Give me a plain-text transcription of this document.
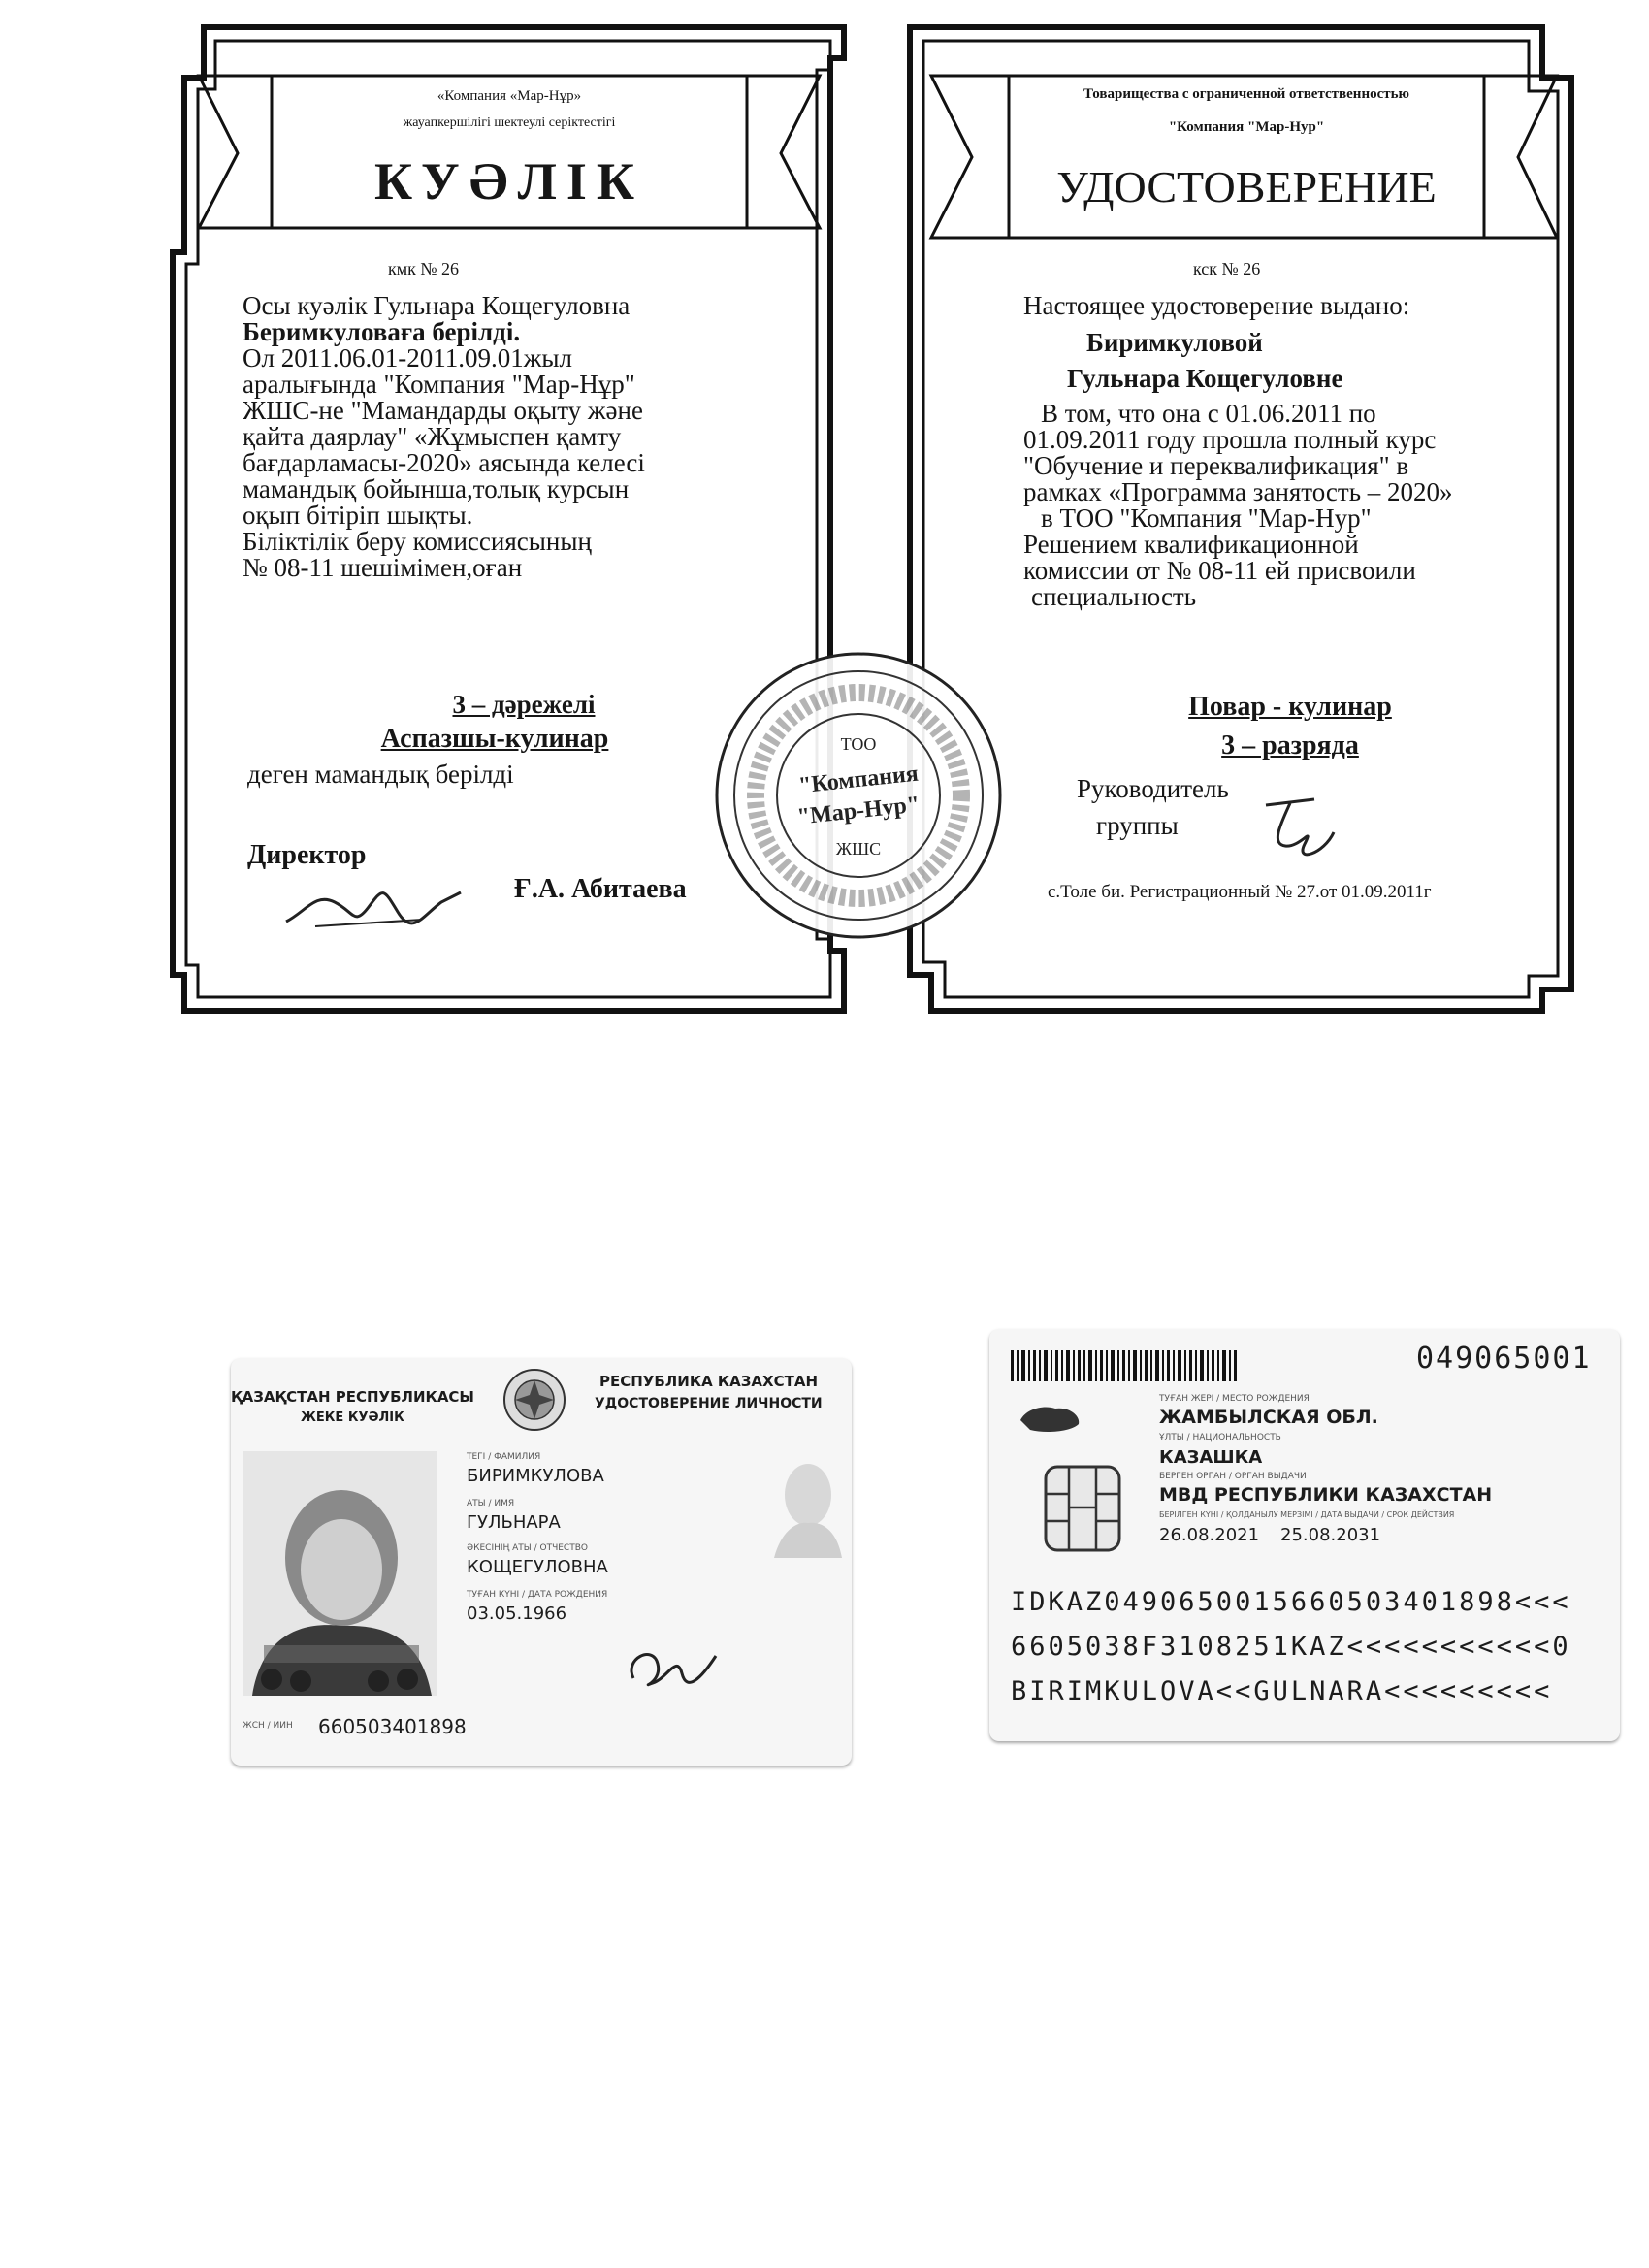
«Компания «Мар-Нұр»
жауапкершілігі шектеулі серіктестігі
КУӘЛІК
кмк № 26
Осы куәлік Гульнара Кощегуловна
Беримкуловаға берілді.
Ол 2011.06.01-2011.09.01жыл
аралығында "Компания "Мар-Нұр"
ЖШС-не "Мамандарды оқыту және
қайта даярлау" «Жұмыспен қамту
бағдарламасы-2020» аясында келесі
мамандық бойынша,толық курсын
оқып бітіріп шықты.
Біліктілік беру комиссиясының
№ 08-11 шешімімен,оған
3 – дәрежелі
Аспазшы-кулинар
деген мамандық берілді
Директор
Ғ.А. Абитаева
Товарищества с ограниченной ответственностью
"Компания "Мар-Нур"
УДОСТОВЕРЕНИЕ
кск № 26
Настоящее удостоверение выдано:
Биримкуловой
Гульнара Кощегуловне
В том, что она с 01.06.2011 по
01.09.2011 году прошла полный курс
"Обучение и переквалификация" в
рамках «Программа занятость – 2020»
в ТОО "Компания "Мар-Нур"
Решением квалификационной
комиссии от № 08-11 ей присвоили
специальность
Повар - кулинар
3 – разряда
Руководитель
группы
с.Толе би. Регистрационный № 27.от 01.09.2011г
ТОО
"Компания
"Мар-Нур"
ЖШС
ҚАЗАҚСТАН РЕСПУБЛИКАСЫ
ЖЕКЕ КУӘЛІК
РЕСПУБЛИКА КАЗАХСТАН
УДОСТОВЕРЕНИЕ ЛИЧНОСТИ
ТЕГІ / ФАМИЛИЯ
БИРИМКУЛОВА
АТЫ / ИМЯ
ГУЛЬНАРА
ӘКЕСІНІҢ АТЫ / ОТЧЕСТВО
КОЩЕГУЛОВНА
ТУҒАН КҮНІ / ДАТА РОЖДЕНИЯ
03.05.1966
ЖСН / ИИН 660503401898
049065001
ТУҒАН ЖЕРІ / МЕСТО РОЖДЕНИЯ
ЖАМБЫЛСКАЯ ОБЛ.
ҰЛТЫ / НАЦИОНАЛЬНОСТЬ
КАЗАШКА
БЕРГЕН ОРГАН / ОРГАН ВЫДАЧИ
МВД РЕСПУБЛИКИ КАЗАХСТАН
БЕРІЛГЕН КҮНІ / ҚОЛДАНЫЛУ МЕРЗІМІ / ДАТА ВЫДАЧИ / СРОК ДЕЙСТВИЯ
26.08.2021 25.08.2031
IDKAZ0490650015660503401898<<<
6605038F3108251KAZ<<<<<<<<<<<0
BIRIMKULOVA<<GULNARA<<<<<<<<<
